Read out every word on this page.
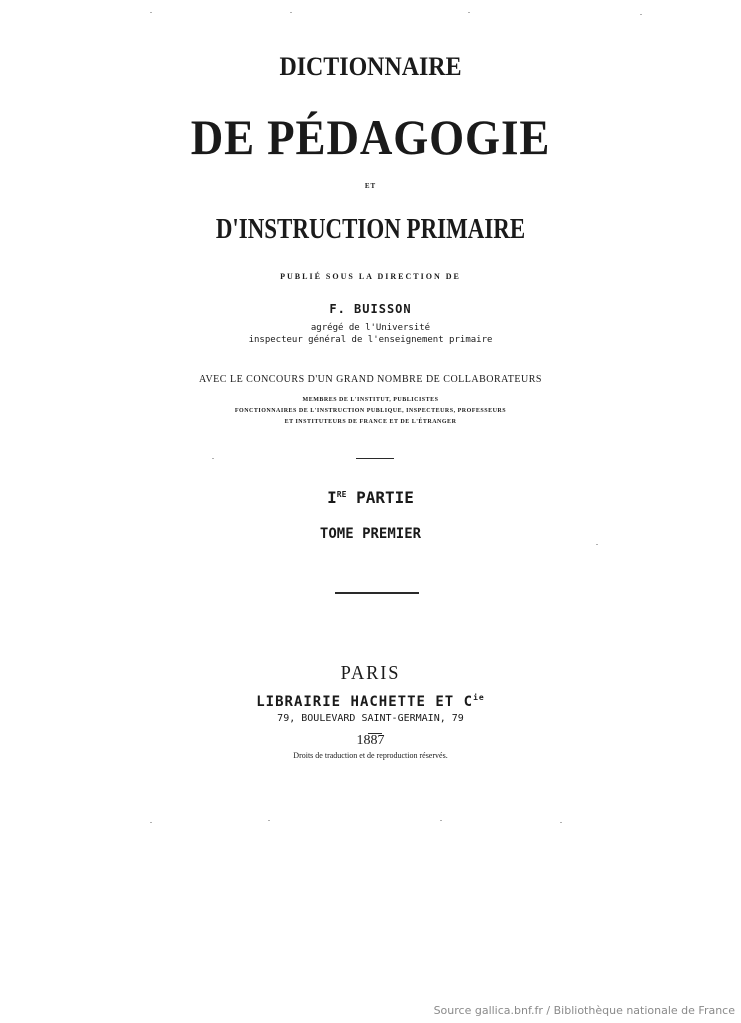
DICTIONNAIRE
DE PÉDAGOGIE
ET
D'INSTRUCTION PRIMAIRE
PUBLIÉ SOUS LA DIRECTION DE
F. BUISSON
agrégé de l'Université
inspecteur général de l'enseignement primaire
AVEC LE CONCOURS D'UN GRAND NOMBRE DE COLLABORATEURS
MEMBRES DE L'INSTITUT, PUBLICISTES
FONCTIONNAIRES DE L'INSTRUCTION PUBLIQUE, INSPECTEURS, PROFESSEURS
ET INSTITUTEURS DE FRANCE ET DE L'ÉTRANGER
IRE PARTIE
TOME PREMIER
PARIS
LIBRAIRIE HACHETTE ET $C^{ie}$
79, BOULEVARD SAINT-GERMAIN, 79
1887
Droits de traduction et de reproduction réservés.
Source gallica.bnf.fr / Bibliothèque nationale de France
